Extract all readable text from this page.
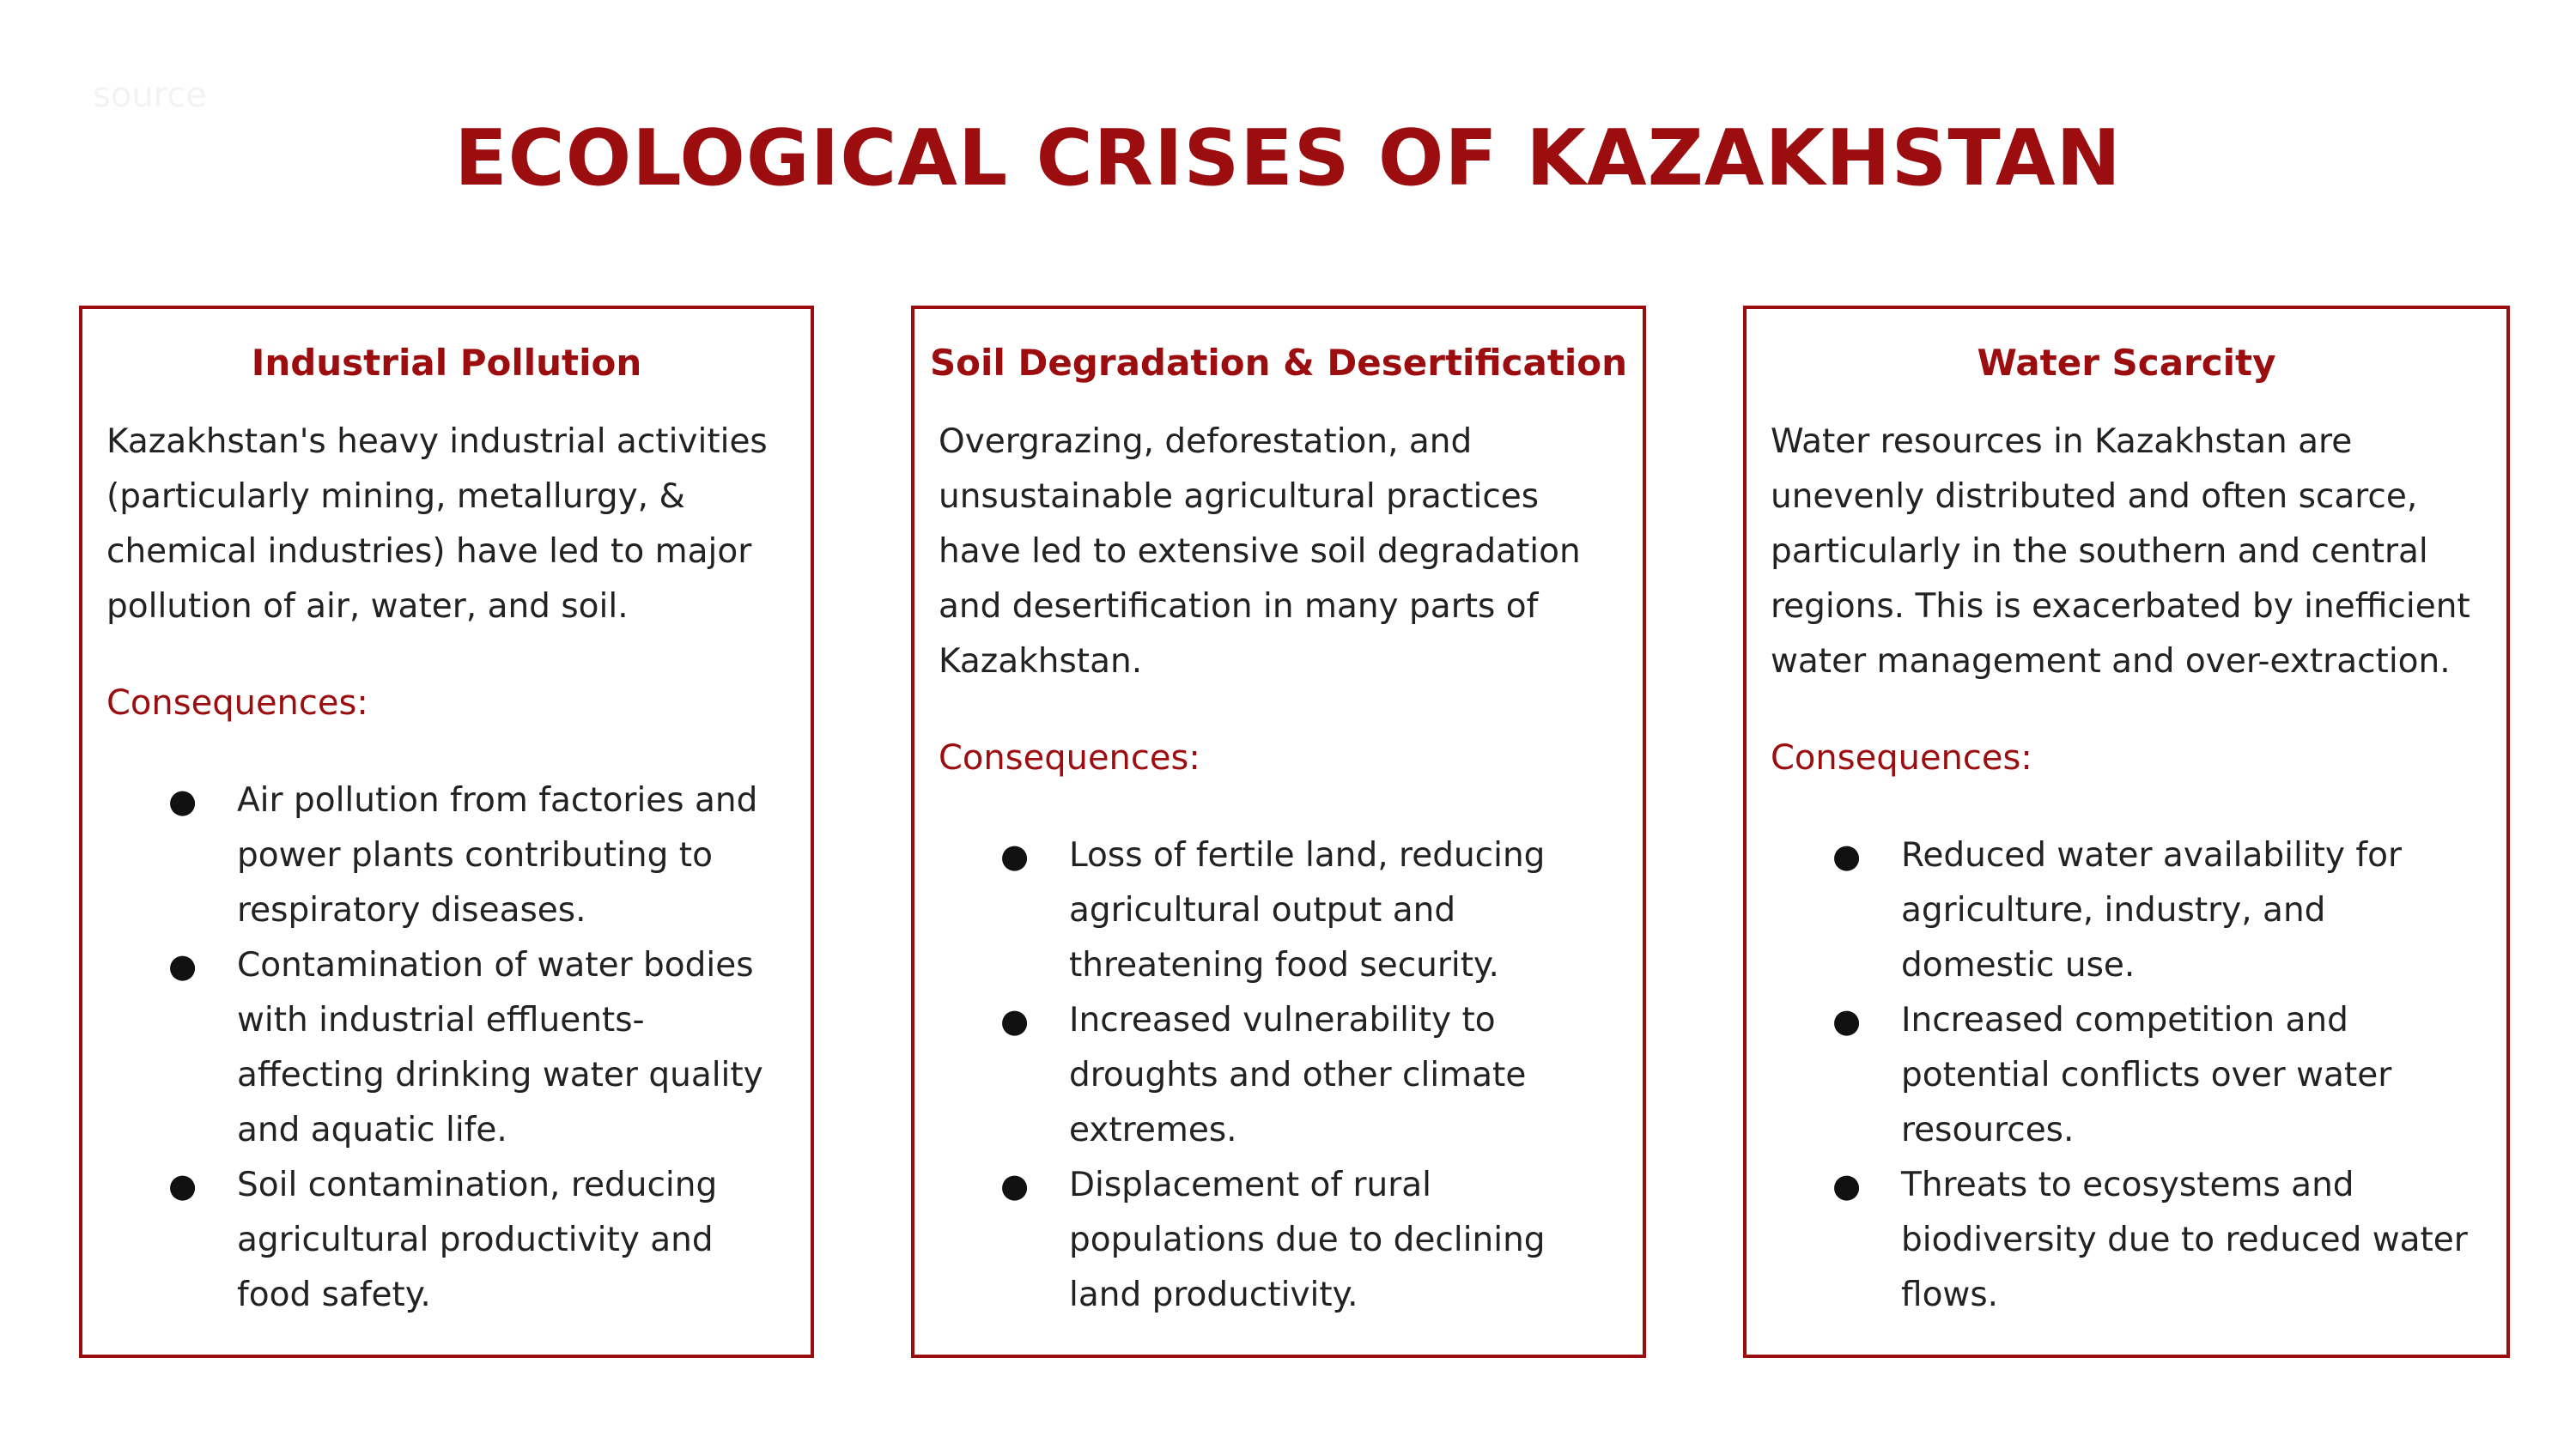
source
ECOLOGICAL CRISES OF KAZAKHSTAN
Industrial Pollution

Kazakhstan's heavy industrial activities (particularly mining, metallurgy, & chemical industries) have led to major pollution of air, water, and soil.

Consequences:
● Air pollution from factories and power plants contributing to respiratory diseases.
● Contamination of water bodies with industrial effluents-affecting drinking water quality and aquatic life.
● Soil contamination, reducing agricultural productivity and food safety.
Soil Degradation & Desertification

Overgrazing, deforestation, and unsustainable agricultural practices have led to extensive soil degradation and desertification in many parts of Kazakhstan.

Consequences:
● Loss of fertile land, reducing agricultural output and threatening food security.
● Increased vulnerability to droughts and other climate extremes.
● Displacement of rural populations due to declining land productivity.
Water Scarcity

Water resources in Kazakhstan are unevenly distributed and often scarce, particularly in the southern and central regions. This is exacerbated by inefficient water management and over-extraction.

Consequences:
● Reduced water availability for agriculture, industry, and domestic use.
● Increased competition and potential conflicts over water resources.
● Threats to ecosystems and biodiversity due to reduced water flows.
